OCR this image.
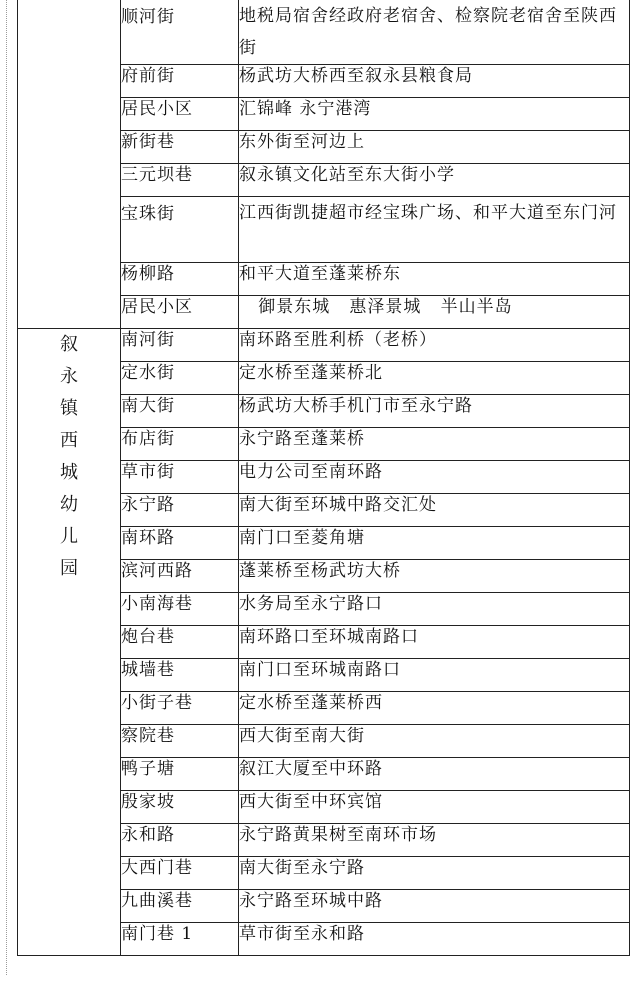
	顺河街	地税局宿舍经政府老宿舍、检察院老宿舍至陕西街
	府前街	杨武坊大桥西至叙永县粮食局
	居民小区	汇锦峰 永宁港湾
	新街巷	东外街至河边上
	三元坝巷	叙永镇文化站至东大街小学
	宝珠街	江西街凯捷超市经宝珠广场、和平大道至东门河
	杨柳路	和平大道至蓬莱桥东
	居民小区	御景东城   惠泽景城   半山半岛
叙永镇西城幼儿园	南河街	南环路至胜利桥（老桥）
	定水街	定水桥至蓬莱桥北
	南大街	杨武坊大桥手机门市至永宁路
	布店街	永宁路至蓬莱桥
	草市街	电力公司至南环路
	永宁路	南大街至环城中路交汇处
	南环路	南门口至菱角塘
	滨河西路	蓬莱桥至杨武坊大桥
	小南海巷	水务局至永宁路口
	炮台巷	南环路口至环城南路口
	城墙巷	南门口至环城南路口
	小街子巷	定水桥至蓬莱桥西
	察院巷	西大街至南大街
	鸭子塘	叙江大厦至中环路
	殷家坡	西大街至中环宾馆
	永和路	永宁路黄果树至南环市场
	大西门巷	南大街至永宁路
	九曲溪巷	永宁路至环城中路
	南门巷 1	草市街至永和路
